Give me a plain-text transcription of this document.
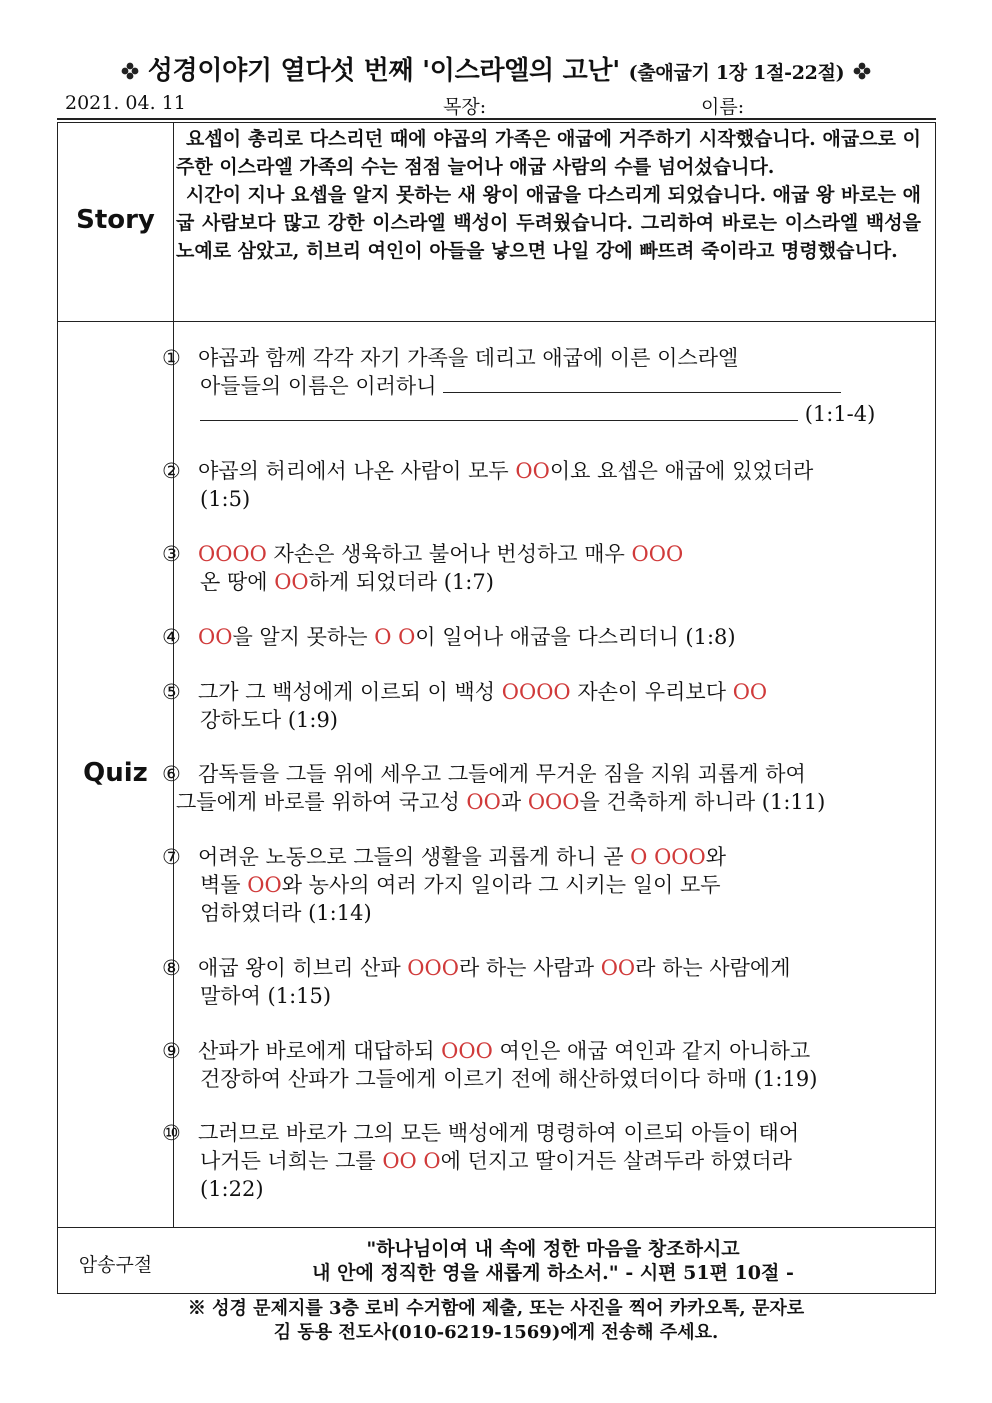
성경이야기 열다섯 번째 '이스라엘의 고난' (출애굽기 1장 1절-22절)
2021. 04. 11	목장:	이름:
Story

요셉이 총리로 다스리던 때에 야곱의 가족은 애굽에 거주하기 시작했습니다. 애굽으로 이주한 이스라엘 가족의 수는 점점 늘어나 애굽 사람의 수를 넘어섰습니다.

시간이 지나 요셉을 알지 못하는 새 왕이 애굽을 다스리게 되었습니다. 애굽 왕 바로는 애굽 사람보다 많고 강한 이스라엘 백성이 두려웠습니다. 그리하여 바로는 이스라엘 백성을 노예로 삼았고, 히브리 여인이 아들을 낳으면 나일 강에 빠뜨려 죽이라고 명령했습니다.

Quiz
① 야곱과 함께 각각 자기 가족을 데리고 애굽에 이른 이스라엘
아들들의 이름은 이러하니
(1:1-4)
② 야곱의 허리에서 나온 사람이 모두 OO이요 요셉은 애굽에 있었더라
(1:5)
③ OOOO 자손은 생육하고 불어나 번성하고 매우 OOO
온 땅에 OO하게 되었더라 (1:7)
④ OO을 알지 못하는 O O이 일어나 애굽을 다스리더니 (1:8)
⑤ 그가 그 백성에게 이르되 이 백성 OOOO 자손이 우리보다 OO
강하도다 (1:9)
⑥ 감독들을 그들 위에 세우고 그들에게 무거운 짐을 지워 괴롭게 하여
그들에게 바로를 위하여 국고성 OO과 OOO을 건축하게 하니라 (1:11)
⑦ 어려운 노동으로 그들의 생활을 괴롭게 하니 곧 O OOO와
벽돌 OO와 농사의 여러 가지 일이라 그 시키는 일이 모두
엄하였더라 (1:14)
⑧ 애굽 왕이 히브리 산파 OOO라 하는 사람과 OO라 하는 사람에게
말하여 (1:15)
⑨ 산파가 바로에게 대답하되 OOO 여인은 애굽 여인과 같지 아니하고
건장하여 산파가 그들에게 이르기 전에 해산하였더이다 하매 (1:19)
⑩ 그러므로 바로가 그의 모든 백성에게 명령하여 이르되 아들이 태어
나거든 너희는 그를 OO O에 던지고 딸이거든 살려두라 하였더라
(1:22)
암송구절
"하나님이여 내 속에 정한 마음을 창조하시고
내 안에 정직한 영을 새롭게 하소서." - 시편 51편 10절 -
※ 성경 문제지를 3층 로비 수거함에 제출, 또는 사진을 찍어 카카오톡, 문자로
김 동용 전도사(010-6219-1569)에게 전송해 주세요.
